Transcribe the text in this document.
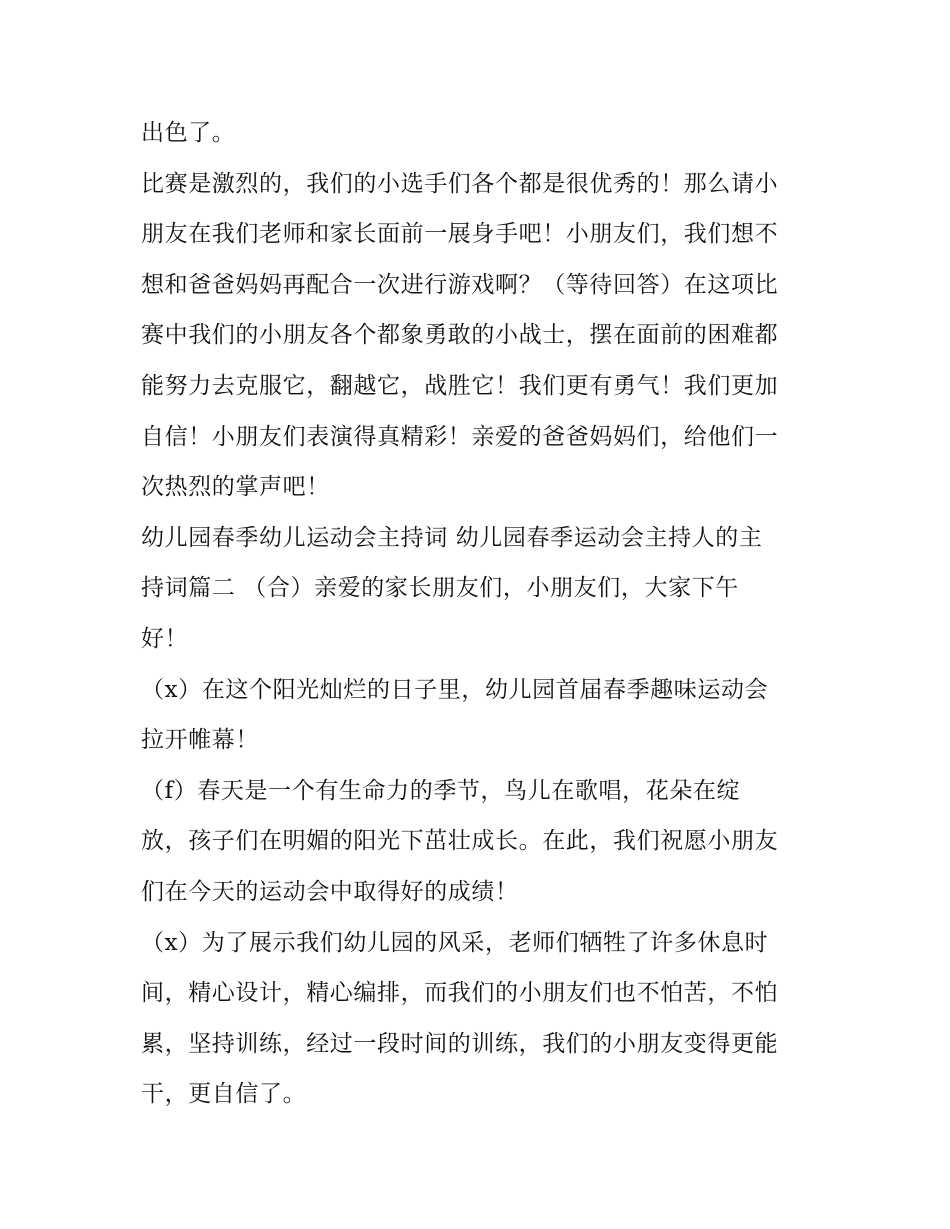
出色了。
比赛是激烈的，我们的小选手们各个都是很优秀的！那么请小
朋友在我们老师和家长面前一展身手吧！小朋友们，我们想不
想和爸爸妈妈再配合一次进行游戏啊？（等待回答）在这项比
赛中我们的小朋友各个都象勇敢的小战士，摆在面前的困难都
能努力去克服它，翻越它，战胜它！我们更有勇气！我们更加
自信！小朋友们表演得真精彩！亲爱的爸爸妈妈们，给他们一
次热烈的掌声吧！
幼儿园春季幼儿运动会主持词 幼儿园春季运动会主持人的主
持词篇二 （合）亲爱的家长朋友们，小朋友们，大家下午
好！
（x）在这个阳光灿烂的日子里，幼儿园首届春季趣味运动会
拉开帷幕！
（f）春天是一个有生命力的季节，鸟儿在歌唱，花朵在绽
放，孩子们在明媚的阳光下茁壮成长。在此，我们祝愿小朋友
们在今天的运动会中取得好的成绩！
（x）为了展示我们幼儿园的风采，老师们牺牲了许多休息时
间，精心设计，精心编排，而我们的小朋友们也不怕苦，不怕
累，坚持训练，经过一段时间的训练，我们的小朋友变得更能
干，更自信了。
